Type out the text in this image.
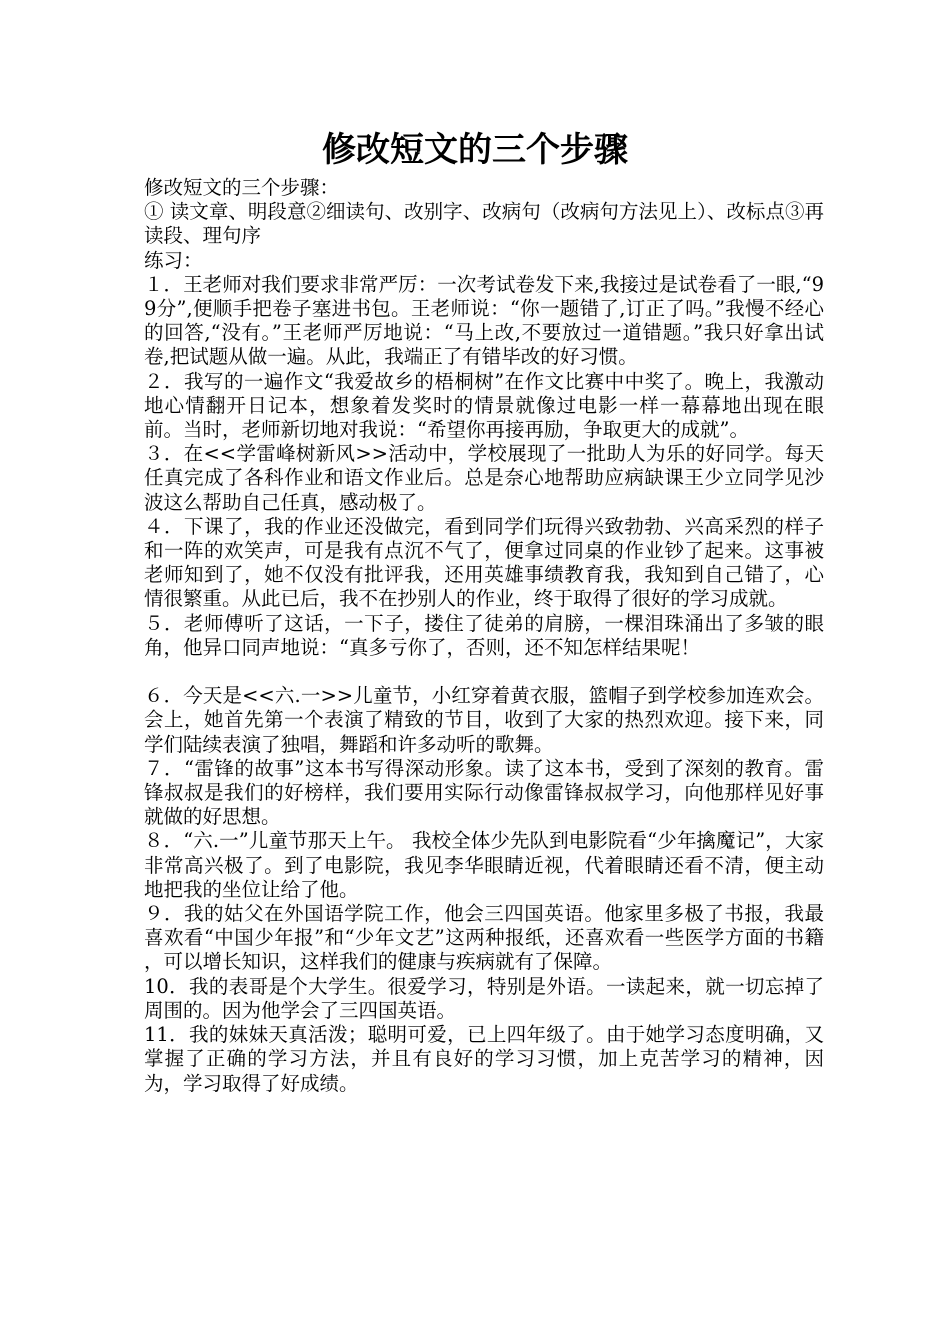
修改短文的三个步骤

修改短文的三个步骤：

① 读文章、明段意②细读句、改别字、改病句（改病句方法见上）、改标点③再读段、理句序

练习：

１．王老师对我们要求非常严厉：一次考试卷发下来,我接过是试卷看了一眼,“99分”,便顺手把卷子塞进书包。王老师说：“你一题错了,订正了吗。”我慢不经心的回答,“没有。”王老师严厉地说：“马上改,不要放过一道错题。”我只好拿出试卷,把试题从做一遍。从此，我端正了有错毕改的好习惯。

２．我写的一遍作文“我爱故乡的梧桐树”在作文比赛中中奖了。晚上，我激动地心情翻开日记本，想象着发奖时的情景就像过电影一样一幕幕地出现在眼前。当时，老师新切地对我说：“希望你再接再励，争取更大的成就”。

３．在<<学雷峰树新风>>活动中，学校展现了一批助人为乐的好同学。每天任真完成了各科作业和语文作业后。总是奈心地帮助应病缺课王少立同学见沙波这么帮助自己任真，感动极了。

４．下课了，我的作业还没做完，看到同学们玩得兴致勃勃、兴高采烈的样子和一阵的欢笑声，可是我有点沉不气了，便拿过同桌的作业钞了起来。这事被老师知到了，她不仅没有批评我，还用英雄事绩教育我，我知到自己错了，心情很繁重。从此已后，我不在抄别人的作业，终于取得了很好的学习成就。

５．老师傅听了这话，一下子，搂住了徒弟的肩膀，一棵泪珠涌出了多皱的眼角，他异口同声地说：“真多亏你了，否则，还不知怎样结果呢！

６．今天是<<六.一>>儿童节，小红穿着黄衣服，篮帽子到学校参加连欢会。会上，她首先第一个表演了精致的节目，收到了大家的热烈欢迎。接下来，同学们陆续表演了独唱，舞蹈和许多动听的歌舞。

７．“雷锋的故事”这本书写得深动形象。读了这本书，受到了深刻的教育。雷锋叔叔是我们的好榜样，我们要用实际行动像雷锋叔叔学习，向他那样见好事就做的好思想。

８．“六.一”儿童节那天上午。 我校全体少先队到电影院看“少年擒魔记”，大家非常高兴极了。到了电影院，我见李华眼睛近视，代着眼睛还看不清，便主动地把我的坐位让给了他。

９．我的姑父在外国语学院工作，他会三四国英语。他家里多极了书报，我最喜欢看“中国少年报”和“少年文艺”这两种报纸，还喜欢看一些医学方面的书籍 ，可以增长知识，这样我们的健康与疾病就有了保障。

10．我的表哥是个大学生。很爱学习，特别是外语。一读起来，就一切忘掉了周围的。因为他学会了三四国英语。

11．我的妹妹天真活泼；聪明可爱，已上四年级了。由于她学习态度明确，又掌握了正确的学习方法，并且有良好的学习习惯，加上克苦学习的精神，因为，学习取得了好成绩。
